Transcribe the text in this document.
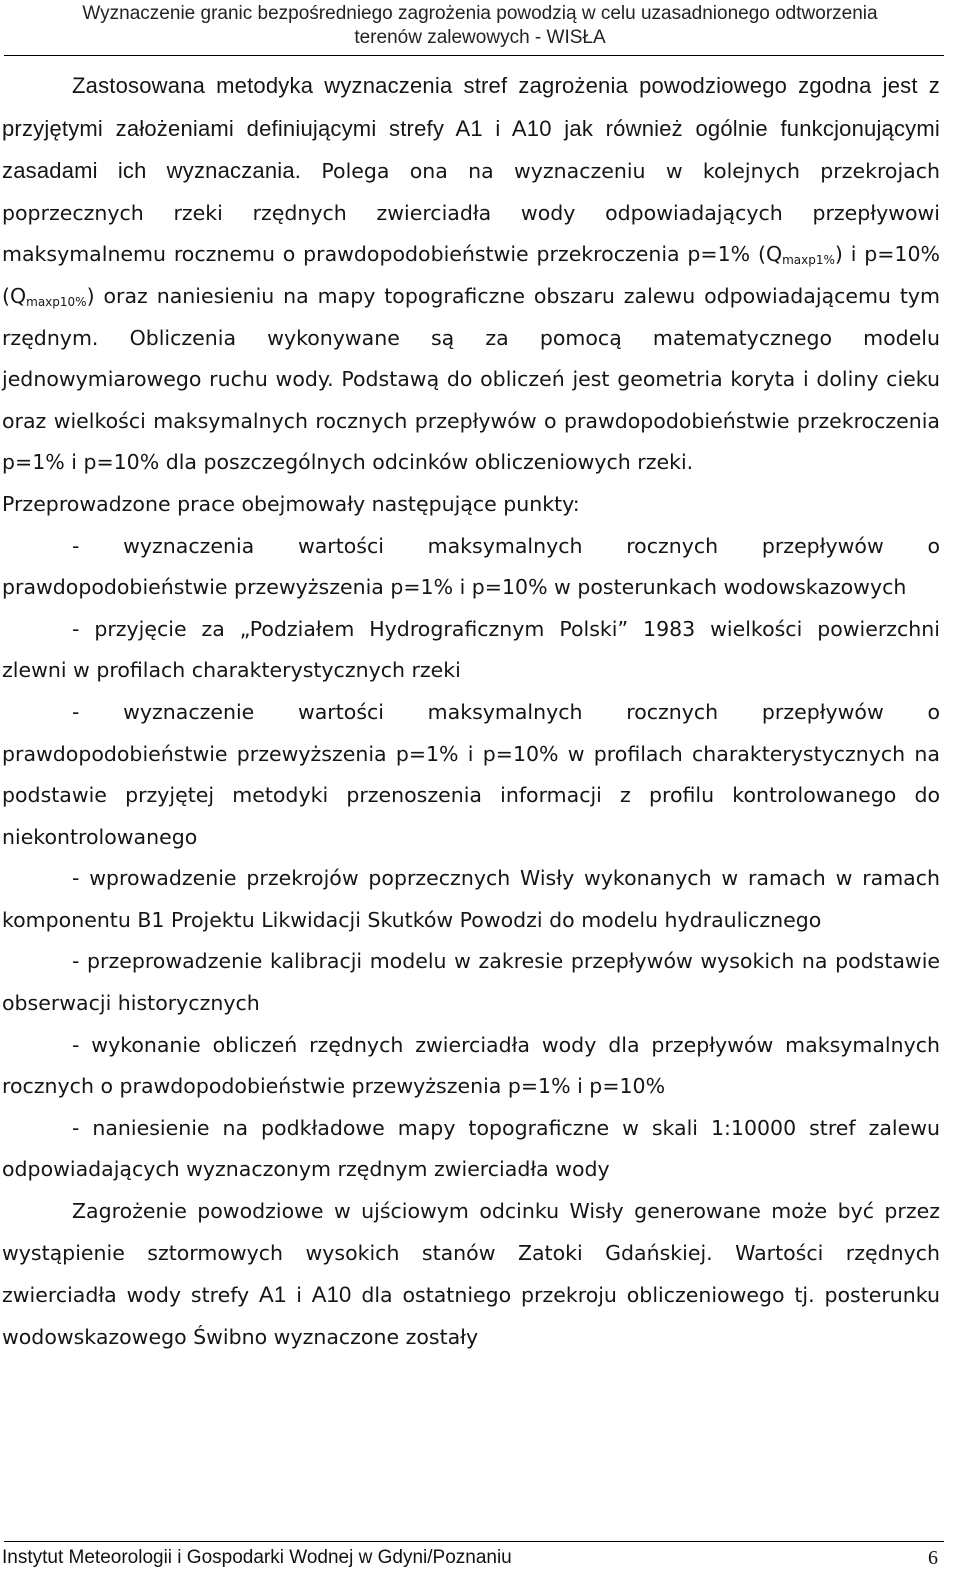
Wyznaczenie granic bezpośredniego zagrożenia powodzią w celu uzasadnionego odtworzenia
terenów zalewowych - WISŁA

Zastosowana metodyka wyznaczenia stref zagrożenia powodziowego zgodna jest z przyjętymi założeniami definiującymi strefy A1 i A10 jak również ogólnie funkcjonującymi zasadami ich wyznaczania. Polega ona na wyznaczeniu w kolejnych przekrojach poprzecznych rzeki rzędnych zwierciadła wody odpowiadających przepływowi maksymalnemu rocznemu o prawdopodobieństwie przekroczenia p=1% $(Q_{maxp1\%})$ i p=10% $(Q_{maxp10\%})$ oraz naniesieniu na mapy topograficzne obszaru zalewu odpowiadającemu tym rzędnym. Obliczenia wykonywane są za pomocą matematycznego modelu jednowymiarowego ruchu wody. Podstawą do obliczeń jest geometria koryta i doliny cieku oraz wielkości maksymalnych rocznych przepływów o prawdopodobieństwie przekroczenia p=1% i p=10% dla poszczególnych odcinków obliczeniowych rzeki.

Przeprowadzone prace obejmowały następujące punkty:

- wyznaczenia wartości maksymalnych rocznych przepływów o prawdopodobieństwie przewyższenia p=1% i p=10% w posterunkach wodowskazowych

- przyjęcie za „Podziałem Hydrograficznym Polski” 1983 wielkości powierzchni zlewni w profilach charakterystycznych rzeki

- wyznaczenie wartości maksymalnych rocznych przepływów o prawdopodobieństwie przewyższenia p=1% i p=10% w profilach charakterystycznych na podstawie przyjętej metodyki przenoszenia informacji z profilu kontrolowanego do niekontrolowanego

- wprowadzenie przekrojów poprzecznych Wisły wykonanych w ramach w ramach komponentu B1 Projektu Likwidacji Skutków Powodzi do modelu hydraulicznego

- przeprowadzenie kalibracji modelu w zakresie przepływów wysokich na podstawie obserwacji historycznych

- wykonanie obliczeń rzędnych zwierciadła wody dla przepływów maksymalnych rocznych o prawdopodobieństwie przewyższenia p=1% i p=10%

- naniesienie na podkładowe mapy topograficzne w skali 1:10000 stref zalewu odpowiadających wyznaczonym rzędnym zwierciadła wody

Zagrożenie powodziowe w ujściowym odcinku Wisły generowane może być przez wystąpienie sztormowych wysokich stanów Zatoki Gdańskiej. Wartości rzędnych zwierciadła wody strefy A1 i A10 dla ostatniego przekroju obliczeniowego tj. posterunku wodowskazowego Świbno wyznaczone zostały

Instytut Meteorologii i Gospodarki Wodnej w Gdyni/Poznaniu	6
